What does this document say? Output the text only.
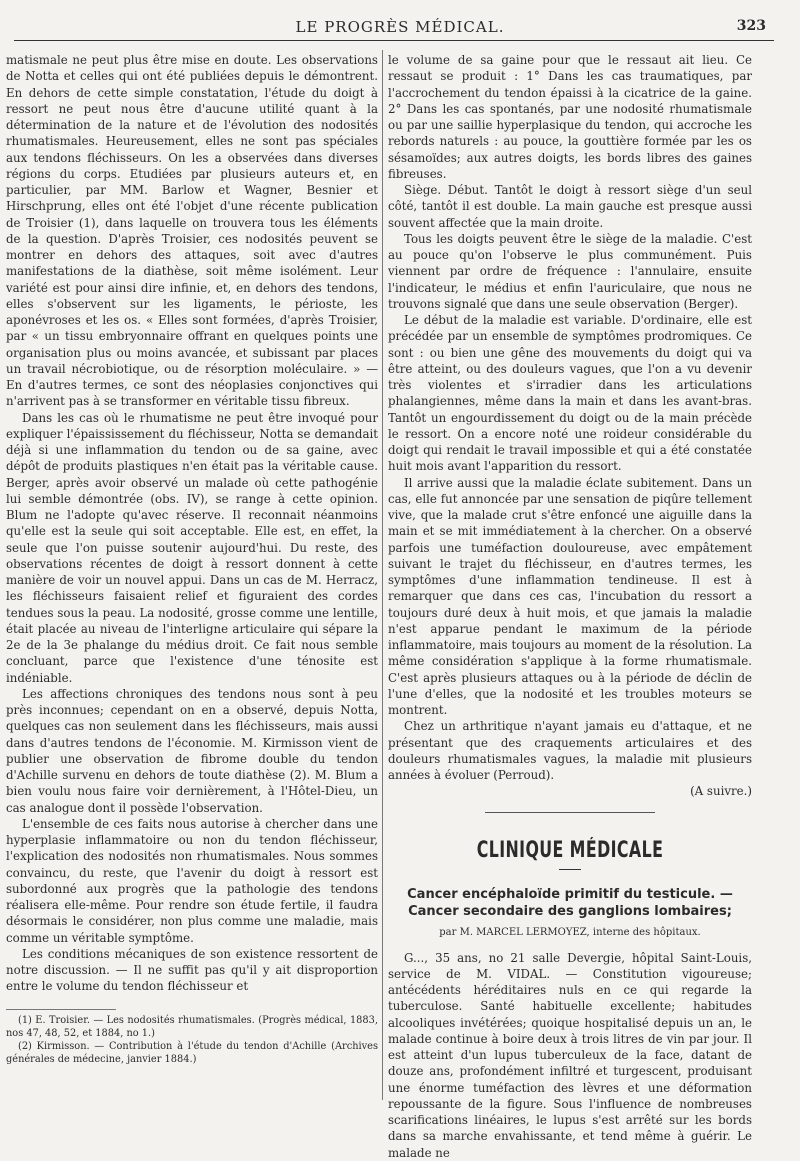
LE PROGRÈS MÉDICAL.	323

matismale ne peut plus être mise en doute. Les observations de Notta et celles qui ont été publiées depuis le démontrent. En dehors de cette simple constatation, l'étude du doigt à ressort ne peut nous être d'aucune utilité quant à la détermination de la nature et de l'évolution des nodosités rhumatismales. Heureusement, elles ne sont pas spéciales aux tendons fléchisseurs. On les a observées dans diverses régions du corps. Etudiées par plusieurs auteurs et, en particulier, par MM. Barlow et Wagner, Besnier et Hirschprung, elles ont été l'objet d'une récente publication de Troisier (1), dans laquelle on trouvera tous les éléments de la question. D'après Troisier, ces nodosités peuvent se montrer en dehors des attaques, soit avec d'autres manifestations de la diathèse, soit même isolément. Leur variété est pour ainsi dire infinie, et, en dehors des tendons, elles s'observent sur les ligaments, le périoste, les aponévroses et les os. « Elles sont formées, d'après Troisier, par « un tissu embryonnaire offrant en quelques points une organisation plus ou moins avancée, et subissant par places un travail nécrobiotique, ou de résorption moléculaire. » — En d'autres termes, ce sont des néoplasies conjonctives qui n'arrivent pas à se transformer en véritable tissu fibreux.

Dans les cas où le rhumatisme ne peut être invoqué pour expliquer l'épaississement du fléchisseur, Notta se demandait déjà si une inflammation du tendon ou de sa gaine, avec dépôt de produits plastiques n'en était pas la véritable cause. Berger, après avoir observé un malade où cette pathogénie lui semble démontrée (obs. IV), se range à cette opinion. Blum ne l'adopte qu'avec réserve. Il reconnait néanmoins qu'elle est la seule qui soit acceptable. Elle est, en effet, la seule que l'on puisse soutenir aujourd'hui. Du reste, des observations récentes de doigt à ressort donnent à cette manière de voir un nouvel appui. Dans un cas de M. Herracz, les fléchisseurs faisaient relief et figuraient des cordes tendues sous la peau. La nodosité, grosse comme une lentille, était placée au niveau de l'interligne articulaire qui sépare la 2e de la 3e phalange du médius droit. Ce fait nous semble concluant, parce que l'existence d'une ténosite est indéniable.

Les affections chroniques des tendons nous sont à peu près inconnues; cependant on en a observé, depuis Notta, quelques cas non seulement dans les fléchisseurs, mais aussi dans d'autres tendons de l'économie. M. Kirmisson vient de publier une observation de fibrome double du tendon d'Achille survenu en dehors de toute diathèse (2). M. Blum a bien voulu nous faire voir dernièrement, à l'Hôtel-Dieu, un cas analogue dont il possède l'observation.

L'ensemble de ces faits nous autorise à chercher dans une hyperplasie inflammatoire ou non du tendon fléchisseur, l'explication des nodosités non rhumatismales. Nous sommes convaincu, du reste, que l'avenir du doigt à ressort est subordonné aux progrès que la pathologie des tendons réalisera elle-même. Pour rendre son étude fertile, il faudra désormais le considérer, non plus comme une maladie, mais comme un véritable symptôme.

Les conditions mécaniques de son existence ressortent de notre discussion. — Il ne suffit pas qu'il y ait disproportion entre le volume du tendon fléchisseur et

(1) E. Troisier. — Les nodosités rhumatismales. (Progrès médical, 1883, nos 47, 48, 52, et 1884, no 1.)

(2) Kirmisson. — Contribution à l'étude du tendon d'Achille (Archives générales de médecine, janvier 1884.)

le volume de sa gaine pour que le ressaut ait lieu. Ce ressaut se produit : 1° Dans les cas traumatiques, par l'accrochement du tendon épaissi à la cicatrice de la gaine. 2° Dans les cas spontanés, par une nodosité rhumatismale ou par une saillie hyperplasique du tendon, qui accroche les rebords naturels : au pouce, la gouttière formée par les os sésamoïdes; aux autres doigts, les bords libres des gaines fibreuses.

Siège. Début. Tantôt le doigt à ressort siège d'un seul côté, tantôt il est double. La main gauche est presque aussi souvent affectée que la main droite.

Tous les doigts peuvent être le siège de la maladie. C'est au pouce qu'on l'observe le plus communément. Puis viennent par ordre de fréquence : l'annulaire, ensuite l'indicateur, le médius et enfin l'auriculaire, que nous ne trouvons signalé que dans une seule observation (Berger).

Le début de la maladie est variable. D'ordinaire, elle est précédée par un ensemble de symptômes prodromiques. Ce sont : ou bien une gêne des mouvements du doigt qui va être atteint, ou des douleurs vagues, que l'on a vu devenir très violentes et s'irradier dans les articulations phalangiennes, même dans la main et dans les avant-bras. Tantôt un engourdissement du doigt ou de la main précède le ressort. On a encore noté une roideur considérable du doigt qui rendait le travail impossible et qui a été constatée huit mois avant l'apparition du ressort.

Il arrive aussi que la maladie éclate subitement. Dans un cas, elle fut annoncée par une sensation de piqûre tellement vive, que la malade crut s'être enfoncé une aiguille dans la main et se mit immédiatement à la chercher. On a observé parfois une tuméfaction douloureuse, avec empâtement suivant le trajet du fléchisseur, en d'autres termes, les symptômes d'une inflammation tendineuse. Il est à remarquer que dans ces cas, l'incubation du ressort a toujours duré deux à huit mois, et que jamais la maladie n'est apparue pendant le maximum de la période inflammatoire, mais toujours au moment de la résolution. La même considération s'applique à la forme rhumatismale. C'est après plusieurs attaques ou à la période de déclin de l'une d'elles, que la nodosité et les troubles moteurs se montrent.

Chez un arthritique n'ayant jamais eu d'attaque, et ne présentant que des craquements articulaires et des douleurs rhumatismales vagues, la maladie mit plusieurs années à évoluer (Perroud).

(A suivre.)
CLINIQUE MÉDICALE
Cancer encéphaloïde primitif du testicule. — Cancer secondaire des ganglions lombaires;
par M. MARCEL LERMOYEZ, interne des hôpitaux.

G..., 35 ans, no 21 salle Devergie, hôpital Saint-Louis, service de M. VIDAL. — Constitution vigoureuse; antécédents héréditaires nuls en ce qui regarde la tuberculose. Santé habituelle excellente; habitudes alcooliques invétérées; quoique hospitalisé depuis un an, le malade continue à boire deux à trois litres de vin par jour. Il est atteint d'un lupus tuberculeux de la face, datant de douze ans, profondément infiltré et turgescent, produisant une énorme tuméfaction des lèvres et une déformation repoussante de la figure. Sous l'influence de nombreuses scarifications linéaires, le lupus s'est arrêté sur les bords dans sa marche envahissante, et tend même à guérir. Le malade ne
